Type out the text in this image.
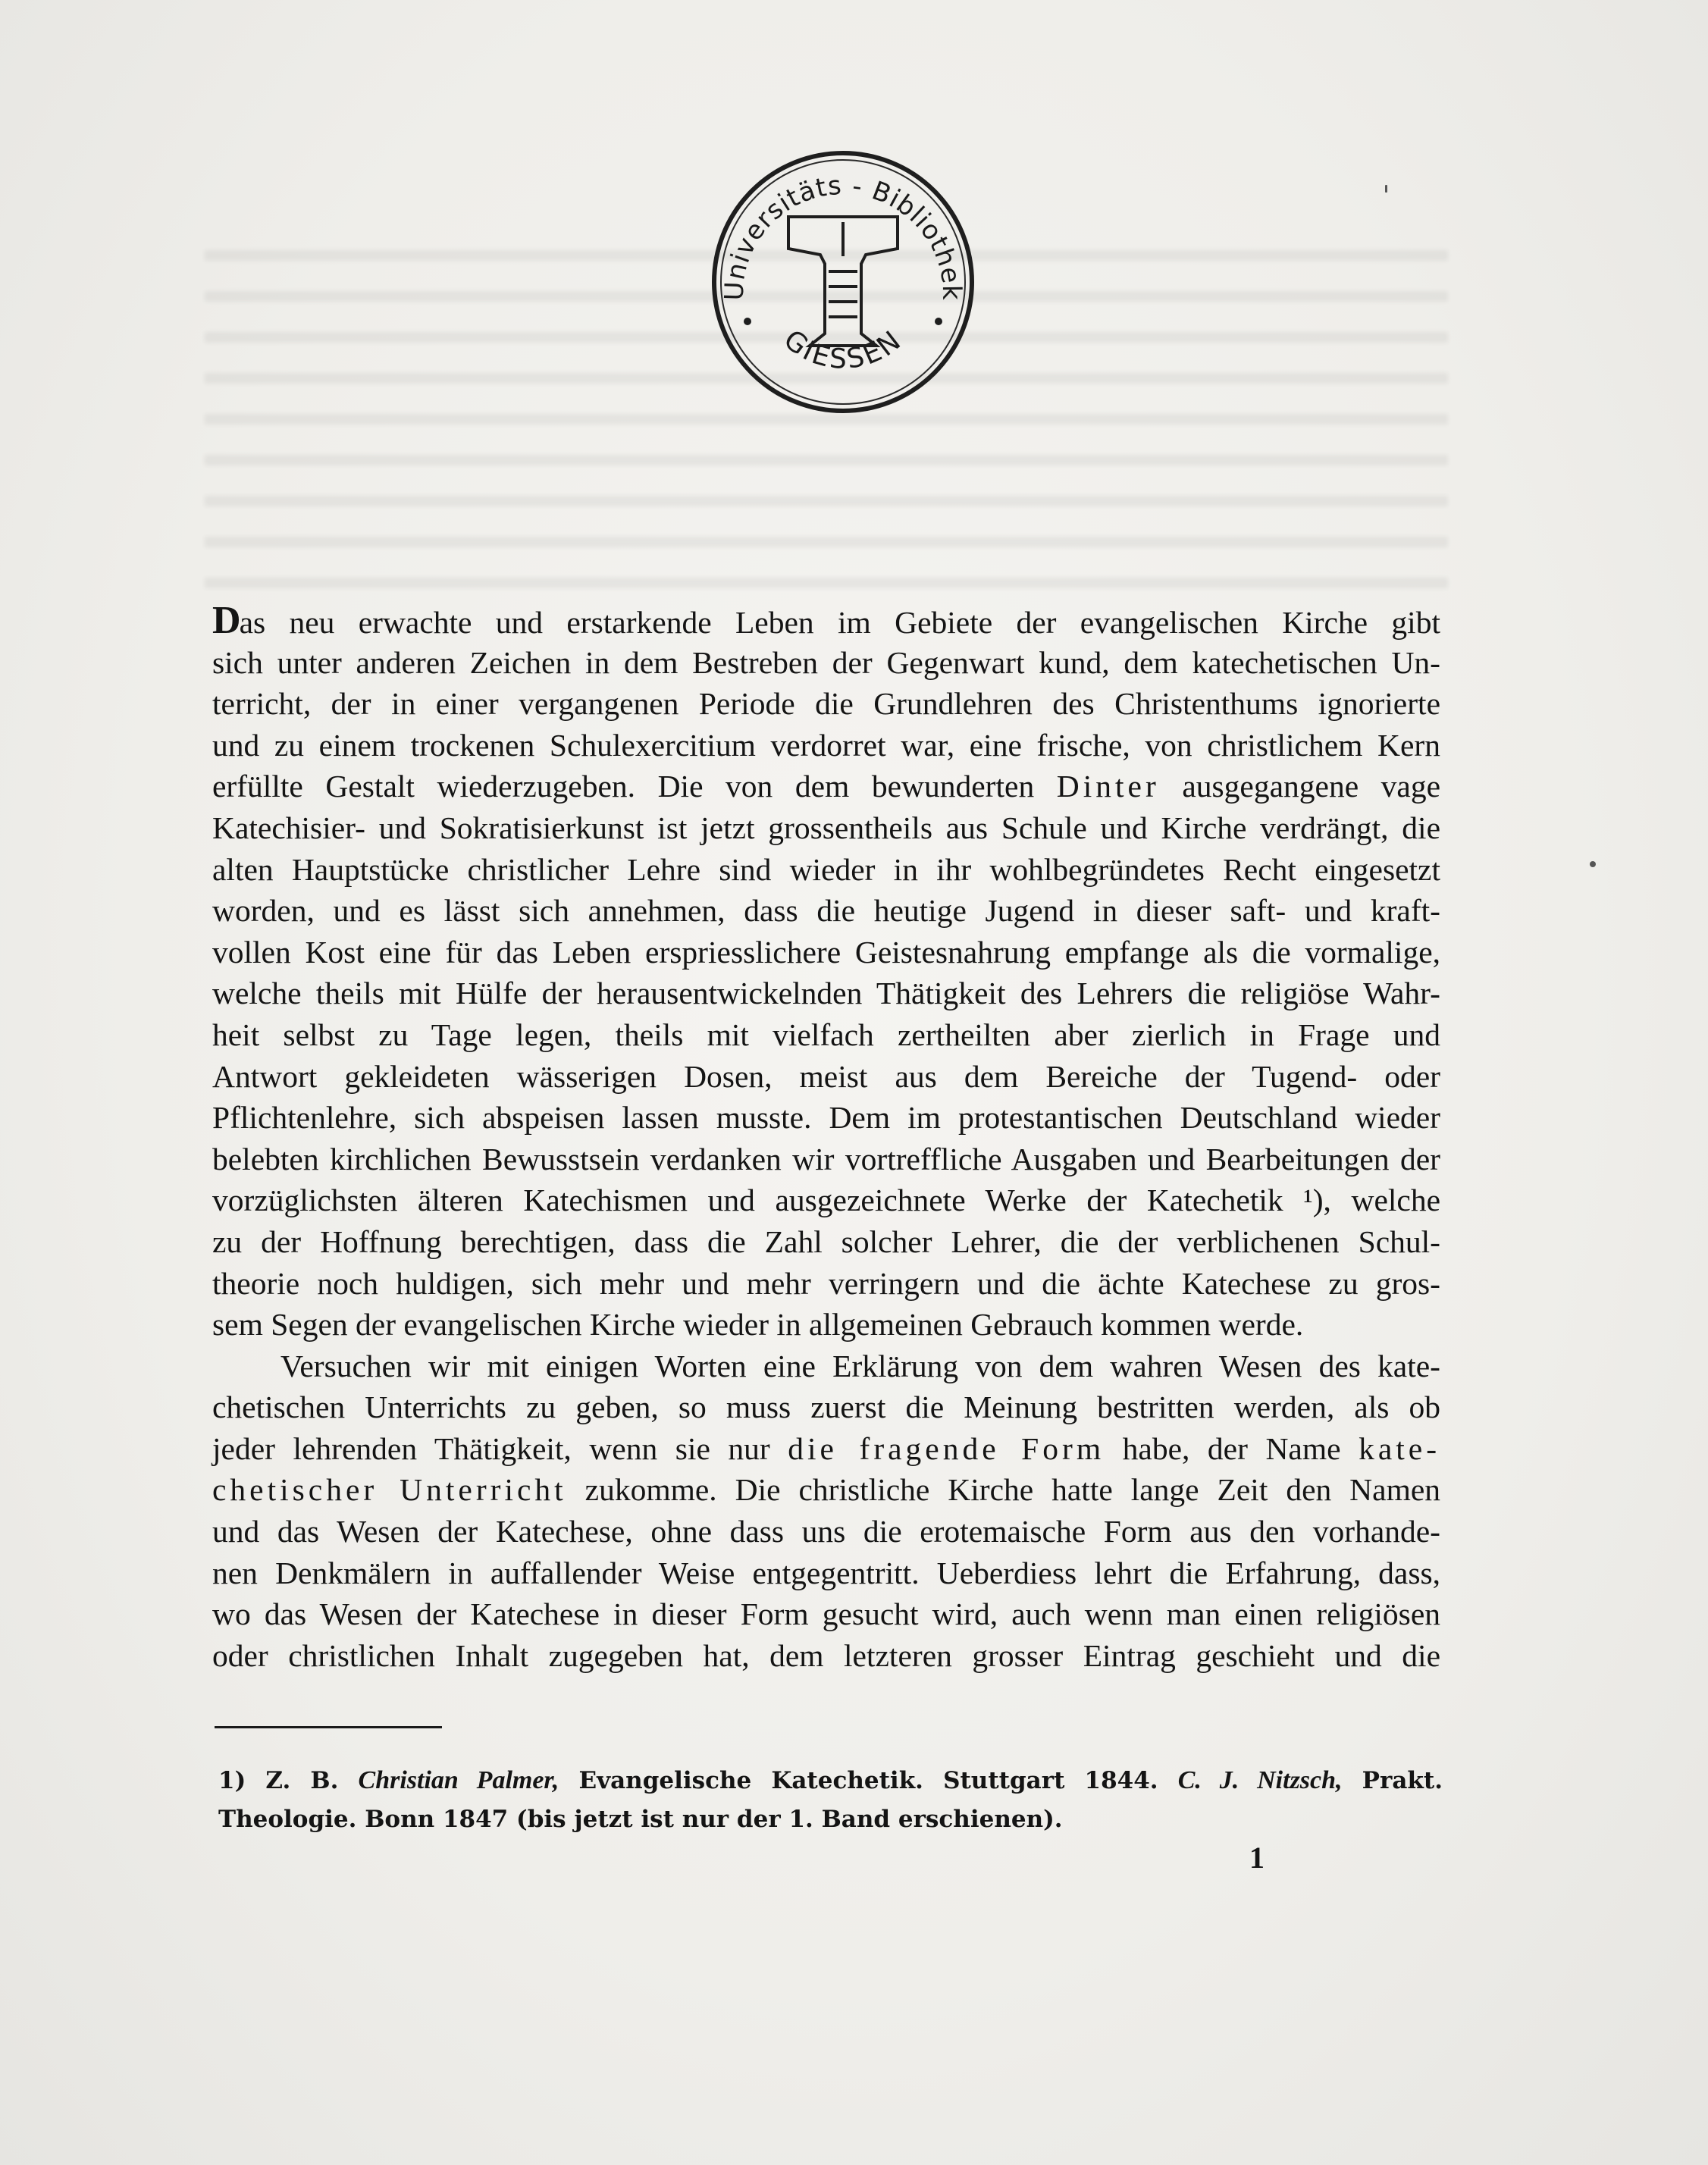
Universitäts - Bibliothek
GIESSEN
Das neu erwachte und erstarkende Leben im Gebiete der evangelischen Kirche gibt
sich unter anderen Zeichen in dem Bestreben der Gegenwart kund, dem katechetischen Un-
terricht, der in einer vergangenen Periode die Grundlehren des Christenthums ignorierte
und zu einem trockenen Schulexercitium verdorret war, eine frische, von christlichem Kern
erfüllte Gestalt wiederzugeben. Die von dem bewunderten Dinter ausgegangene vage
Katechisier- und Sokratisierkunst ist jetzt grossentheils aus Schule und Kirche verdrängt, die
alten Hauptstücke christlicher Lehre sind wieder in ihr wohlbegründetes Recht eingesetzt
worden, und es lässt sich annehmen, dass die heutige Jugend in dieser saft- und kraft-
vollen Kost eine für das Leben erspriesslichere Geistesnahrung empfange als die vormalige,
welche theils mit Hülfe der herausentwickelnden Thätigkeit des Lehrers die religiöse Wahr-
heit selbst zu Tage legen, theils mit vielfach zertheilten aber zierlich in Frage und
Antwort gekleideten wässerigen Dosen, meist aus dem Bereiche der Tugend- oder
Pflichtenlehre, sich abspeisen lassen musste. Dem im protestantischen Deutschland wieder
belebten kirchlichen Bewusstsein verdanken wir vortreffliche Ausgaben und Bearbeitungen der
vorzüglichsten älteren Katechismen und ausgezeichnete Werke der Katechetik ¹), welche
zu der Hoffnung berechtigen, dass die Zahl solcher Lehrer, die der verblichenen Schul-
theorie noch huldigen, sich mehr und mehr verringern und die ächte Katechese zu gros-
sem Segen der evangelischen Kirche wieder in allgemeinen Gebrauch kommen werde.
Versuchen wir mit einigen Worten eine Erklärung von dem wahren Wesen des kate-
chetischen Unterrichts zu geben, so muss zuerst die Meinung bestritten werden, als ob
jeder lehrenden Thätigkeit, wenn sie nur die fragende Form habe, der Name kate-
chetischer Unterricht zukomme. Die christliche Kirche hatte lange Zeit den Namen
und das Wesen der Katechese, ohne dass uns die erotemaische Form aus den vorhande-
nen Denkmälern in auffallender Weise entgegentritt. Ueberdiess lehrt die Erfahrung, dass,
wo das Wesen der Katechese in dieser Form gesucht wird, auch wenn man einen religiösen
oder christlichen Inhalt zugegeben hat, dem letzteren grosser Eintrag geschieht und die
1) Z. B. Christian Palmer, Evangelische Katechetik. Stuttgart 1844. C. J. Nitzsch, Prakt.
Theologie. Bonn 1847 (bis jetzt ist nur der 1. Band erschienen).
1
